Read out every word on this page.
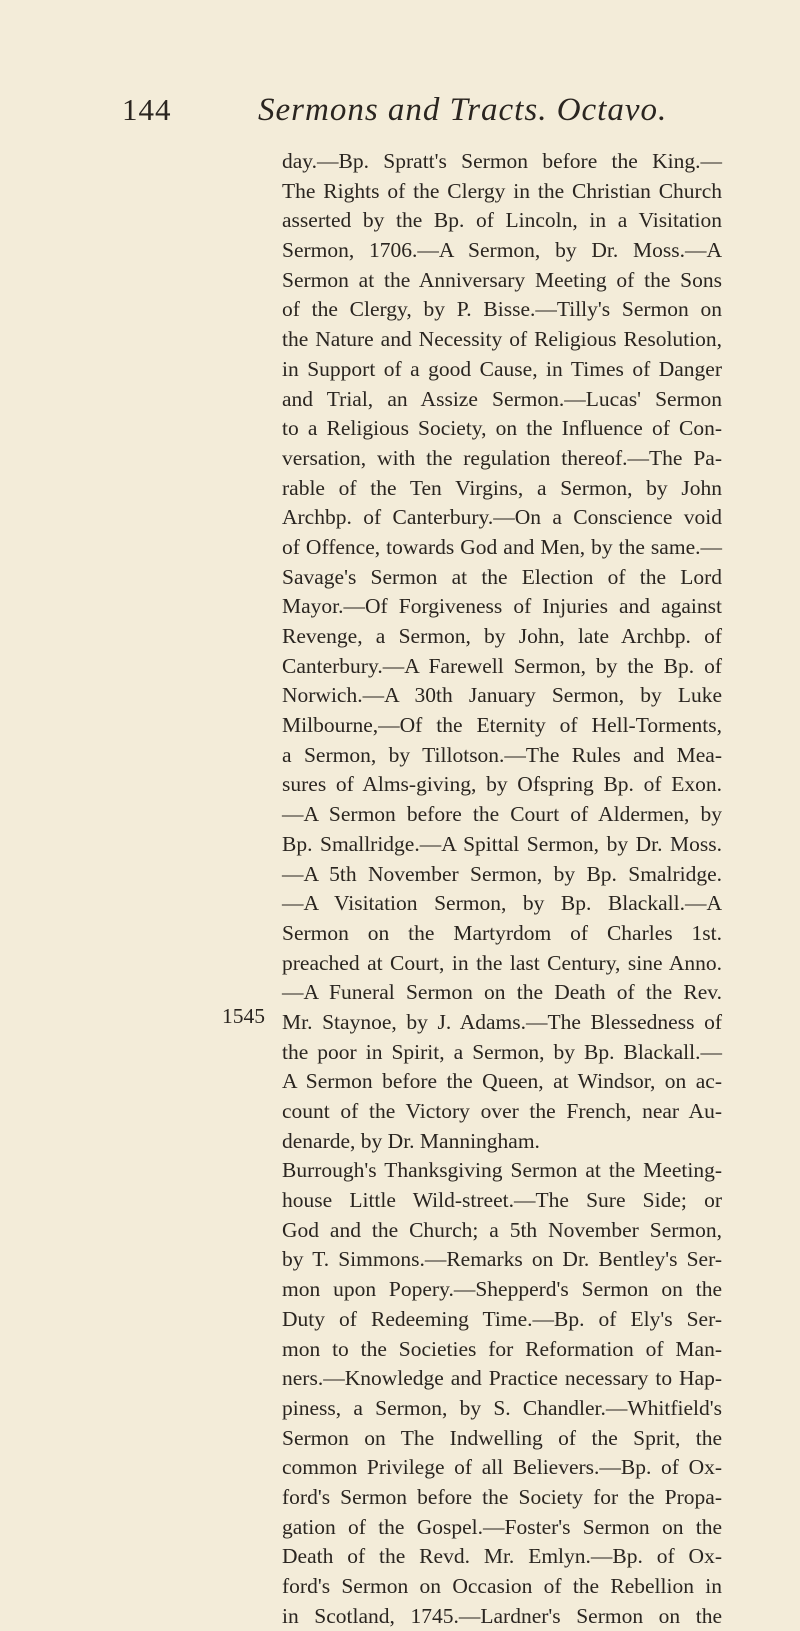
144	Sermons and Tracts. Octavo.
1545
day.—Bp. Spratt's Sermon before the King.—
The Rights of the Clergy in the Christian Church
asserted by the Bp. of Lincoln, in a Visitation
Sermon, 1706.—A Sermon, by Dr. Moss.—A
Sermon at the Anniversary Meeting of the Sons
of the Clergy, by P. Bisse.—Tilly's Sermon on
the Nature and Necessity of Religious Resolution,
in Support of a good Cause, in Times of Danger
and Trial, an Assize Sermon.—Lucas' Sermon
to a Religious Society, on the Influence of Con-
versation, with the regulation thereof.—The Pa-
rable of the Ten Virgins, a Sermon, by John
Archbp. of Canterbury.—On a Conscience void
of Offence, towards God and Men, by the same.—
Savage's Sermon at the Election of the Lord
Mayor.—Of Forgiveness of Injuries and against
Revenge, a Sermon, by John, late Archbp. of
Canterbury.—A Farewell Sermon, by the Bp. of
Norwich.—A 30th January Sermon, by Luke
Milbourne,—Of the Eternity of Hell-Torments,
a Sermon, by Tillotson.—The Rules and Mea-
sures of Alms-giving, by Ofspring Bp. of Exon.
—A Sermon before the Court of Aldermen, by
Bp. Smallridge.—A Spittal Sermon, by Dr. Moss.
—A 5th November Sermon, by Bp. Smalridge.
—A Visitation Sermon, by Bp. Blackall.—A
Sermon on the Martyrdom of Charles 1st.
preached at Court, in the last Century, sine Anno.
—A Funeral Sermon on the Death of the Rev.
Mr. Staynoe, by J. Adams.—The Blessedness of
the poor in Spirit, a Sermon, by Bp. Blackall.—
A Sermon before the Queen, at Windsor, on ac-
count of the Victory over the French, near Au-
denarde, by Dr. Manningham.
Burrough's Thanksgiving Sermon at the Meeting-
house Little Wild-street.—The Sure Side; or
God and the Church; a 5th November Sermon,
by T. Simmons.—Remarks on Dr. Bentley's Ser-
mon upon Popery.—Shepperd's Sermon on the
Duty of Redeeming Time.—Bp. of Ely's Ser-
mon to the Societies for Reformation of Man-
ners.—Knowledge and Practice necessary to Hap-
piness, a Sermon, by S. Chandler.—Whitfield's
Sermon on The Indwelling of the Sprit, the
common Privilege of all Believers.—Bp. of Ox-
ford's Sermon before the Society for the Propa-
gation of the Gospel.—Foster's Sermon on the
Death of the Revd. Mr. Emlyn.—Bp. of Ox-
ford's Sermon on Occasion of the Rebellion in
in Scotland, 1745.—Lardner's Sermon on the
